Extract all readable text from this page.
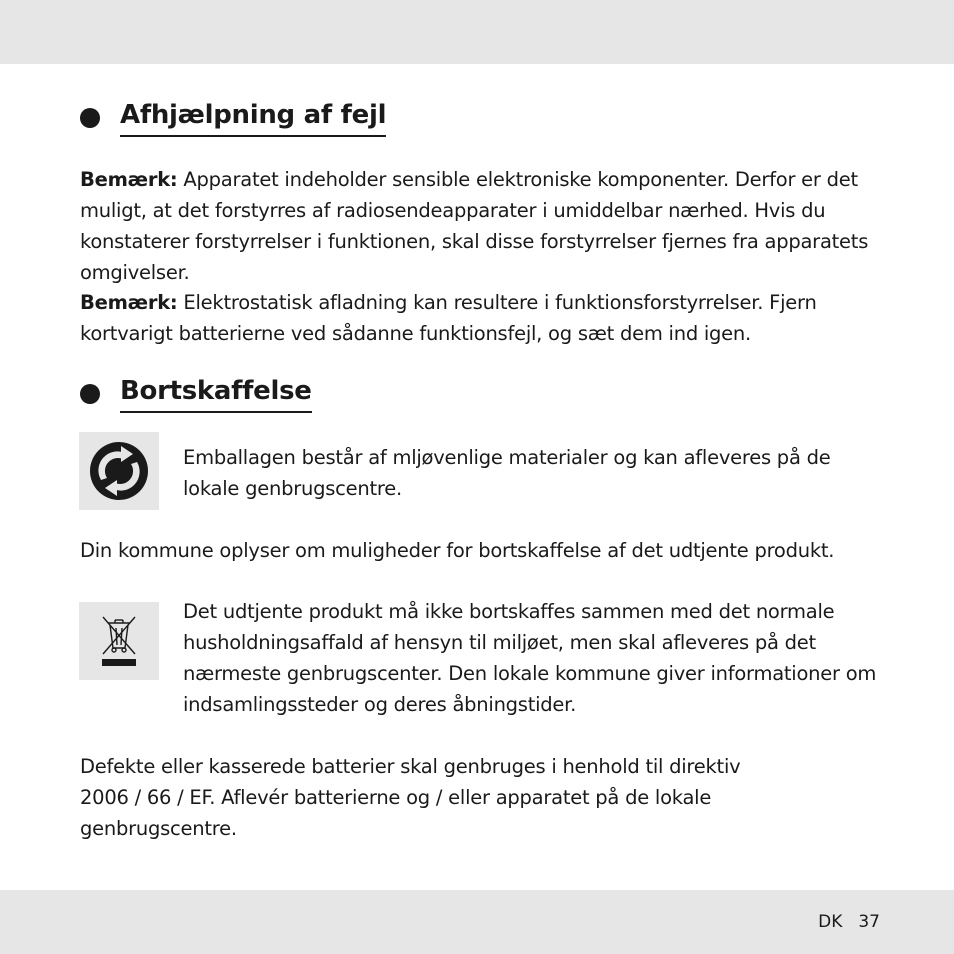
Afhjælpning af fejl
Bemærk: Apparatet indeholder sensible elektroniske komponenter. Derfor er det muligt, at det forstyrres af radiosendeapparater i umiddelbar nærhed. Hvis du konstaterer forstyrrelser i funktionen, skal disse forstyrrelser fjernes fra apparatets omgivelser.
Bemærk: Elektrostatisk afladning kan resultere i funktionsforstyrrelser. Fjern kortvarigt batterierne ved sådanne funktionsfejl, og sæt dem ind igen.
Bortskaffelse
Emballagen består af mljøvenlige materialer og kan afleveres på de lokale genbrugscentre.
Din kommune oplyser om muligheder for bortskaffelse af det udtjente produkt.
Det udtjente produkt må ikke bortskaffes sammen med det normale husholdningsaffald af hensyn til miljøet, men skal afleveres på det nærmeste genbrugscenter. Den lokale kommune giver informationer om indsamlingssteder og deres åbningstider.
Defekte eller kasserede batterier skal genbruges i henhold til direktiv 2006 / 66 / EF. Aflevér batterierne og / eller apparatet på de lokale genbrugscentre.
DK 37
